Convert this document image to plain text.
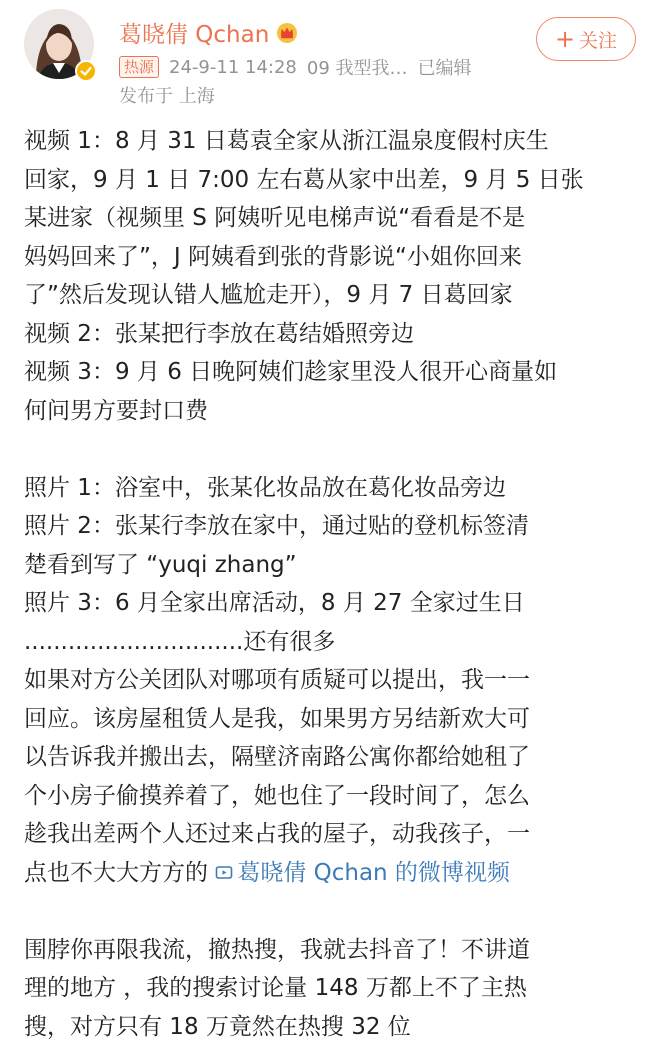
葛晓倩 Qchan
热源 24-9-11 14:28 09 我型我… 已编辑
发布于 上海
+ 关注

视频 1：8 月 31 日葛袁全家从浙江温泉度假村庆生

回家，9 月 1 日 7:00 左右葛从家中出差，9 月 5 日张

某进家（视频里 S 阿姨听见电梯声说“看看是不是

妈妈回来了”，J 阿姨看到张的背影说“小姐你回来

了”然后发现认错人尴尬走开），9 月 7 日葛回家

视频 2：张某把行李放在葛结婚照旁边

视频 3：9 月 6 日晚阿姨们趁家里没人很开心商量如

何问男方要封口费

照片 1：浴室中，张某化妆品放在葛化妆品旁边

照片 2：张某行李放在家中，通过贴的登机标签清

楚看到写了 “yuqi zhang”

照片 3：6 月全家出席活动，8 月 27 全家过生日

..............................还有很多

如果对方公关团队对哪项有质疑可以提出，我一一

回应。该房屋租赁人是我，如果男方另结新欢大可

以告诉我并搬出去，隔壁济南路公寓你都给她租了

个小房子偷摸养着了，她也住了一段时间了，怎么

趁我出差两个人还过来占我的屋子，动我孩子，一

点也不大大方方的 葛晓倩 Qchan 的微博视频

围脖你再限我流，撤热搜，我就去抖音了！不讲道

理的地方 ，我的搜索讨论量 148 万都上不了主热

搜，对方只有 18 万竟然在热搜 32 位
